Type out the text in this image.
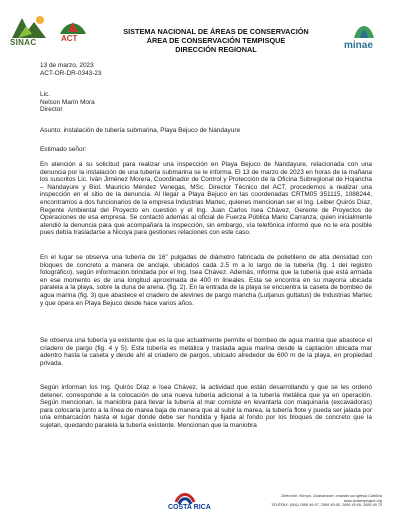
SINAC	ACT
minae
SISTEMA NACIONAL DE ÁREAS DE CONSERVACIÓN
ÁREA DE CONSERVACIÓN TEMPISQUE
DIRECCIÓN REGIONAL
13 de marzo, 2023
ACT-OR-DR-0343-23
Lic.
Nelson Marín Mora
Director
Asunto: instalación de tubería submarina, Playa Bejuco de Nandayure
Estimado señor:
En atención a su solicitud para realizar una inspección en Playa Bejuco de Nandayure, relacionada con una denuncia por la instalación de una tubería submarina se le informa. El 13 de marzo de 2023 en horas de la mañana los suscritos Lic. Iván Jiménez Morera, Coordinador de Control y Protección de la Oficina Subregional de Hojancha – Nandayure y Biol. Mauricio Méndez Venegas, MSc. Director Técnico del ACT, procedemos a realizar una inspección en el sitio de la denuncia. Al llegar a Playa Bejuco en las coordenadas CRTM05 351115, 1088244, encontramos a dos funcionarios de la empresa Industrias Martec, quienes mencionan ser el Ing. Leiber Quirós Díaz, Regente Ambiental del Proyecto en cuestión y el Ing. Juan Carlos Isea Chávez, Gerente de Proyectos de Operaciones de esa empresa. Se contactó además al oficial de Fuerza Pública Mario Carranza, quien inicialmente atendió la denuncia para que acompañara la inspección, sin embargo, vía telefónica informó que no le era posible pues debía trasladarse a Nicoya para gestiones relaciones con este caso.
En el lugar se observa una tubería de 16" pulgadas de diámetro fabricada de polietileno de alta densidad con bloques de concreto a manera de anclaje, ubicados cada 2.5 m a lo largo de la tubería (fig. 1 del registro fotográfico), según información brindada por el Ing. Isea Chávez. Además, informa que la tubería que está armada en ese momento es de una longitud aproximada de 400 m lineales. Esta se encontra en su mayoría ubicada paralela a la playa, sobre la duna de arena. (fig. 2). En la entrada de la playa se encuentra la caseta de bombeo de agua marina (fig. 3) que abastece el criadero de alevines de pargo mancha (Lutjanus guttatus) de Industrias Martec y que opera en Playa Bejuco desde hace varios años.
Se observa una tubería ya existente que es la que actualmente permite el bombeo de agua marina que abastece el criadero de pargo (fig. 4 y 5). Esta tubería es metálica y traslada agua marina desde la captación ubicada mar adentro hasta la caseta y desde ahí al criadero de pargos, ubicado alrededor de 600 m de la playa, en propiedad privada.
Según informan los Ing. Quirós Díaz e Isea Chávez, la actividad que están desarrollando y que se les ordenó detener, corresponde a la colocación de una nueva tubería adicional a la tubería metálica que ya en operación. Según mencionan, la maniobra para llevar la tubería al mar consiste en levantarla con maquinaria (excavadoras) para colocarla junto a la línea de marea baja de manera que al subir la marea, la tubería flote y pueda ser jalada por una embarcación hasta el lugar donde debe ser hundida y fijada al fondo por los bloques de concreto que la sujetan, quedando paralela la tubería existente. Mencionan que la maniobra
COSTA RICA
Dirección: Nicoya, Guanacaste, costado sur Iglesia Católica
www.acttempisque.org
TELÉFAX: (506) 2686 49 67, 2686 49 68, 2686 49 69, 2686 49 70
